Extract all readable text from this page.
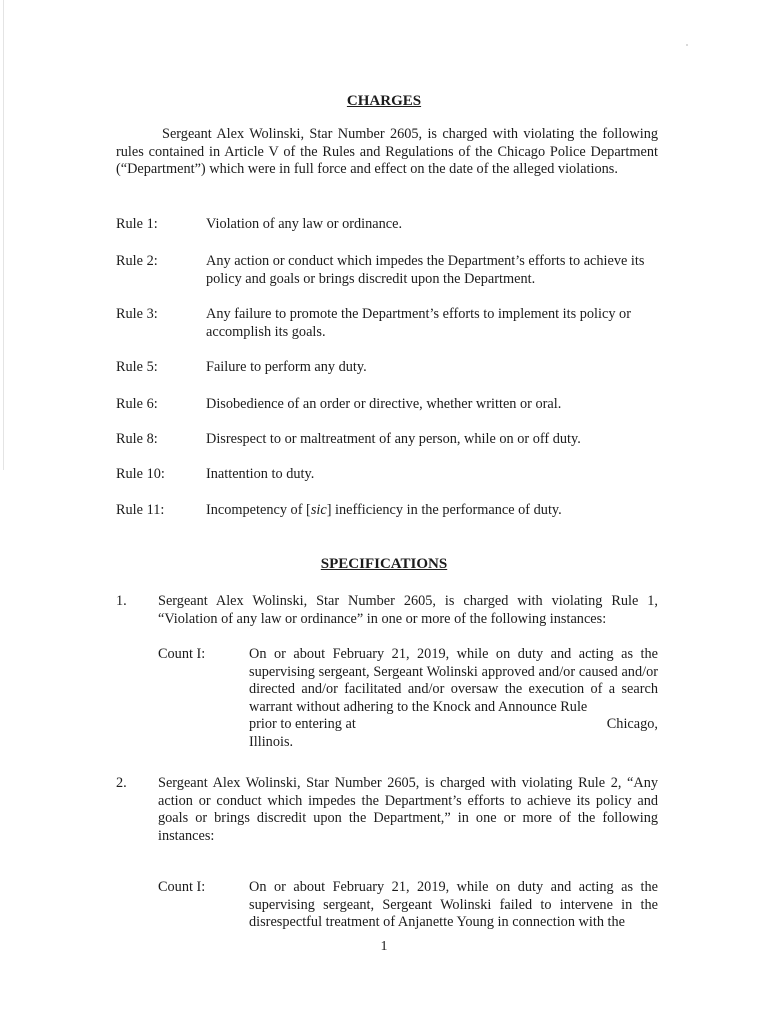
CHARGES
Sergeant Alex Wolinski, Star Number 2605, is charged with violating the following rules contained in Article V of the Rules and Regulations of the Chicago Police Department (“Department”) which were in full force and effect on the date of the alleged violations.
Rule 1:	Violation of any law or ordinance.
Rule 2:	Any action or conduct which impedes the Department’s efforts to achieve its policy and goals or brings discredit upon the Department.
Rule 3:	Any failure to promote the Department’s efforts to implement its policy or accomplish its goals.
Rule 5:	Failure to perform any duty.
Rule 6:	Disobedience of an order or directive, whether written or oral.
Rule 8:	Disrespect to or maltreatment of any person, while on or off duty.
Rule 10:	Inattention to duty.
Rule 11:	Incompetency of [sic] inefficiency in the performance of duty.
SPECIFICATIONS
1. Sergeant Alex Wolinski, Star Number 2605, is charged with violating Rule 1, “Violation of any law or ordinance” in one or more of the following instances:
Count I:	On or about February 21, 2019, while on duty and acting as the supervising sergeant, Sergeant Wolinski approved and/or caused and/or directed and/or facilitated and/or oversaw the execution of a search warrant without adhering to the Knock and Announce Rule
prior to entering at	Chicago,
Illinois.
2. Sergeant Alex Wolinski, Star Number 2605, is charged with violating Rule 2, “Any action or conduct which impedes the Department’s efforts to achieve its policy and goals or brings discredit upon the Department,” in one or more of the following instances:
Count I:	On or about February 21, 2019, while on duty and acting as the supervising sergeant, Sergeant Wolinski failed to intervene in the disrespectful treatment of Anjanette Young in connection with the
1
